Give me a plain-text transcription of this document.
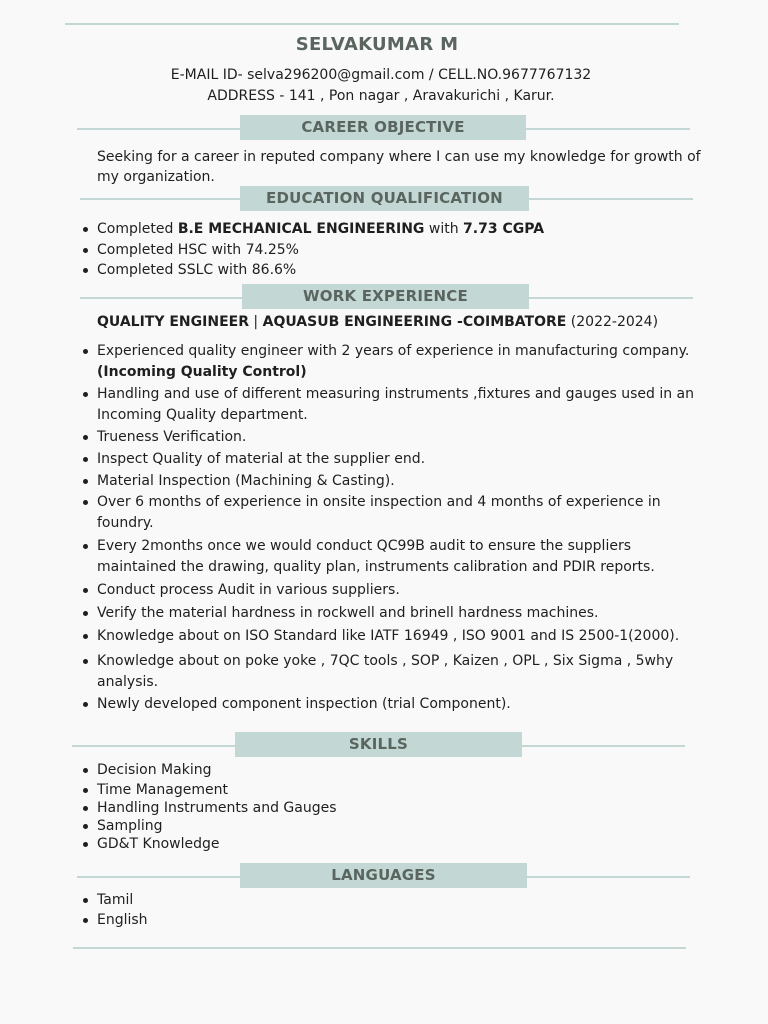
SELVAKUMAR M
E-MAIL ID- selva296200@gmail.com / CELL.NO.9677767132
ADDRESS - 141 , Pon nagar , Aravakurichi , Karur.
CAREER OBJECTIVE
Seeking for a career in reputed company where I can use my knowledge for growth of my organization.
EDUCATION QUALIFICATION
Completed B.E MECHANICAL ENGINEERING with 7.73 CGPA
Completed HSC with 74.25%
Completed SSLC with 86.6%
WORK EXPERIENCE
QUALITY ENGINEER | AQUASUB ENGINEERING -COIMBATORE (2022-2024)
Experienced quality engineer with 2 years of experience in manufacturing company.(Incoming Quality Control)
Handling and use of different measuring instruments ,fixtures and gauges used in an Incoming Quality department.
Trueness Verification.
Inspect Quality of material at the supplier end.
Material Inspection (Machining & Casting).
Over 6 months of experience in onsite inspection and 4 months of experience in foundry.
Every 2months once we would conduct QC99B audit to ensure the suppliers maintained the drawing, quality plan, instruments calibration and PDIR reports.
Conduct process Audit in various suppliers.
Verify the material hardness in rockwell and brinell hardness machines.
Knowledge about on ISO Standard like IATF 16949 , ISO 9001 and IS 2500-1(2000).
Knowledge about on poke yoke , 7QC tools , SOP , Kaizen , OPL , Six Sigma , 5why analysis.
Newly developed component inspection (trial Component).
SKILLS
Decision Making
Time Management
Handling Instruments and Gauges
Sampling
GD&T Knowledge
LANGUAGES
Tamil
English
